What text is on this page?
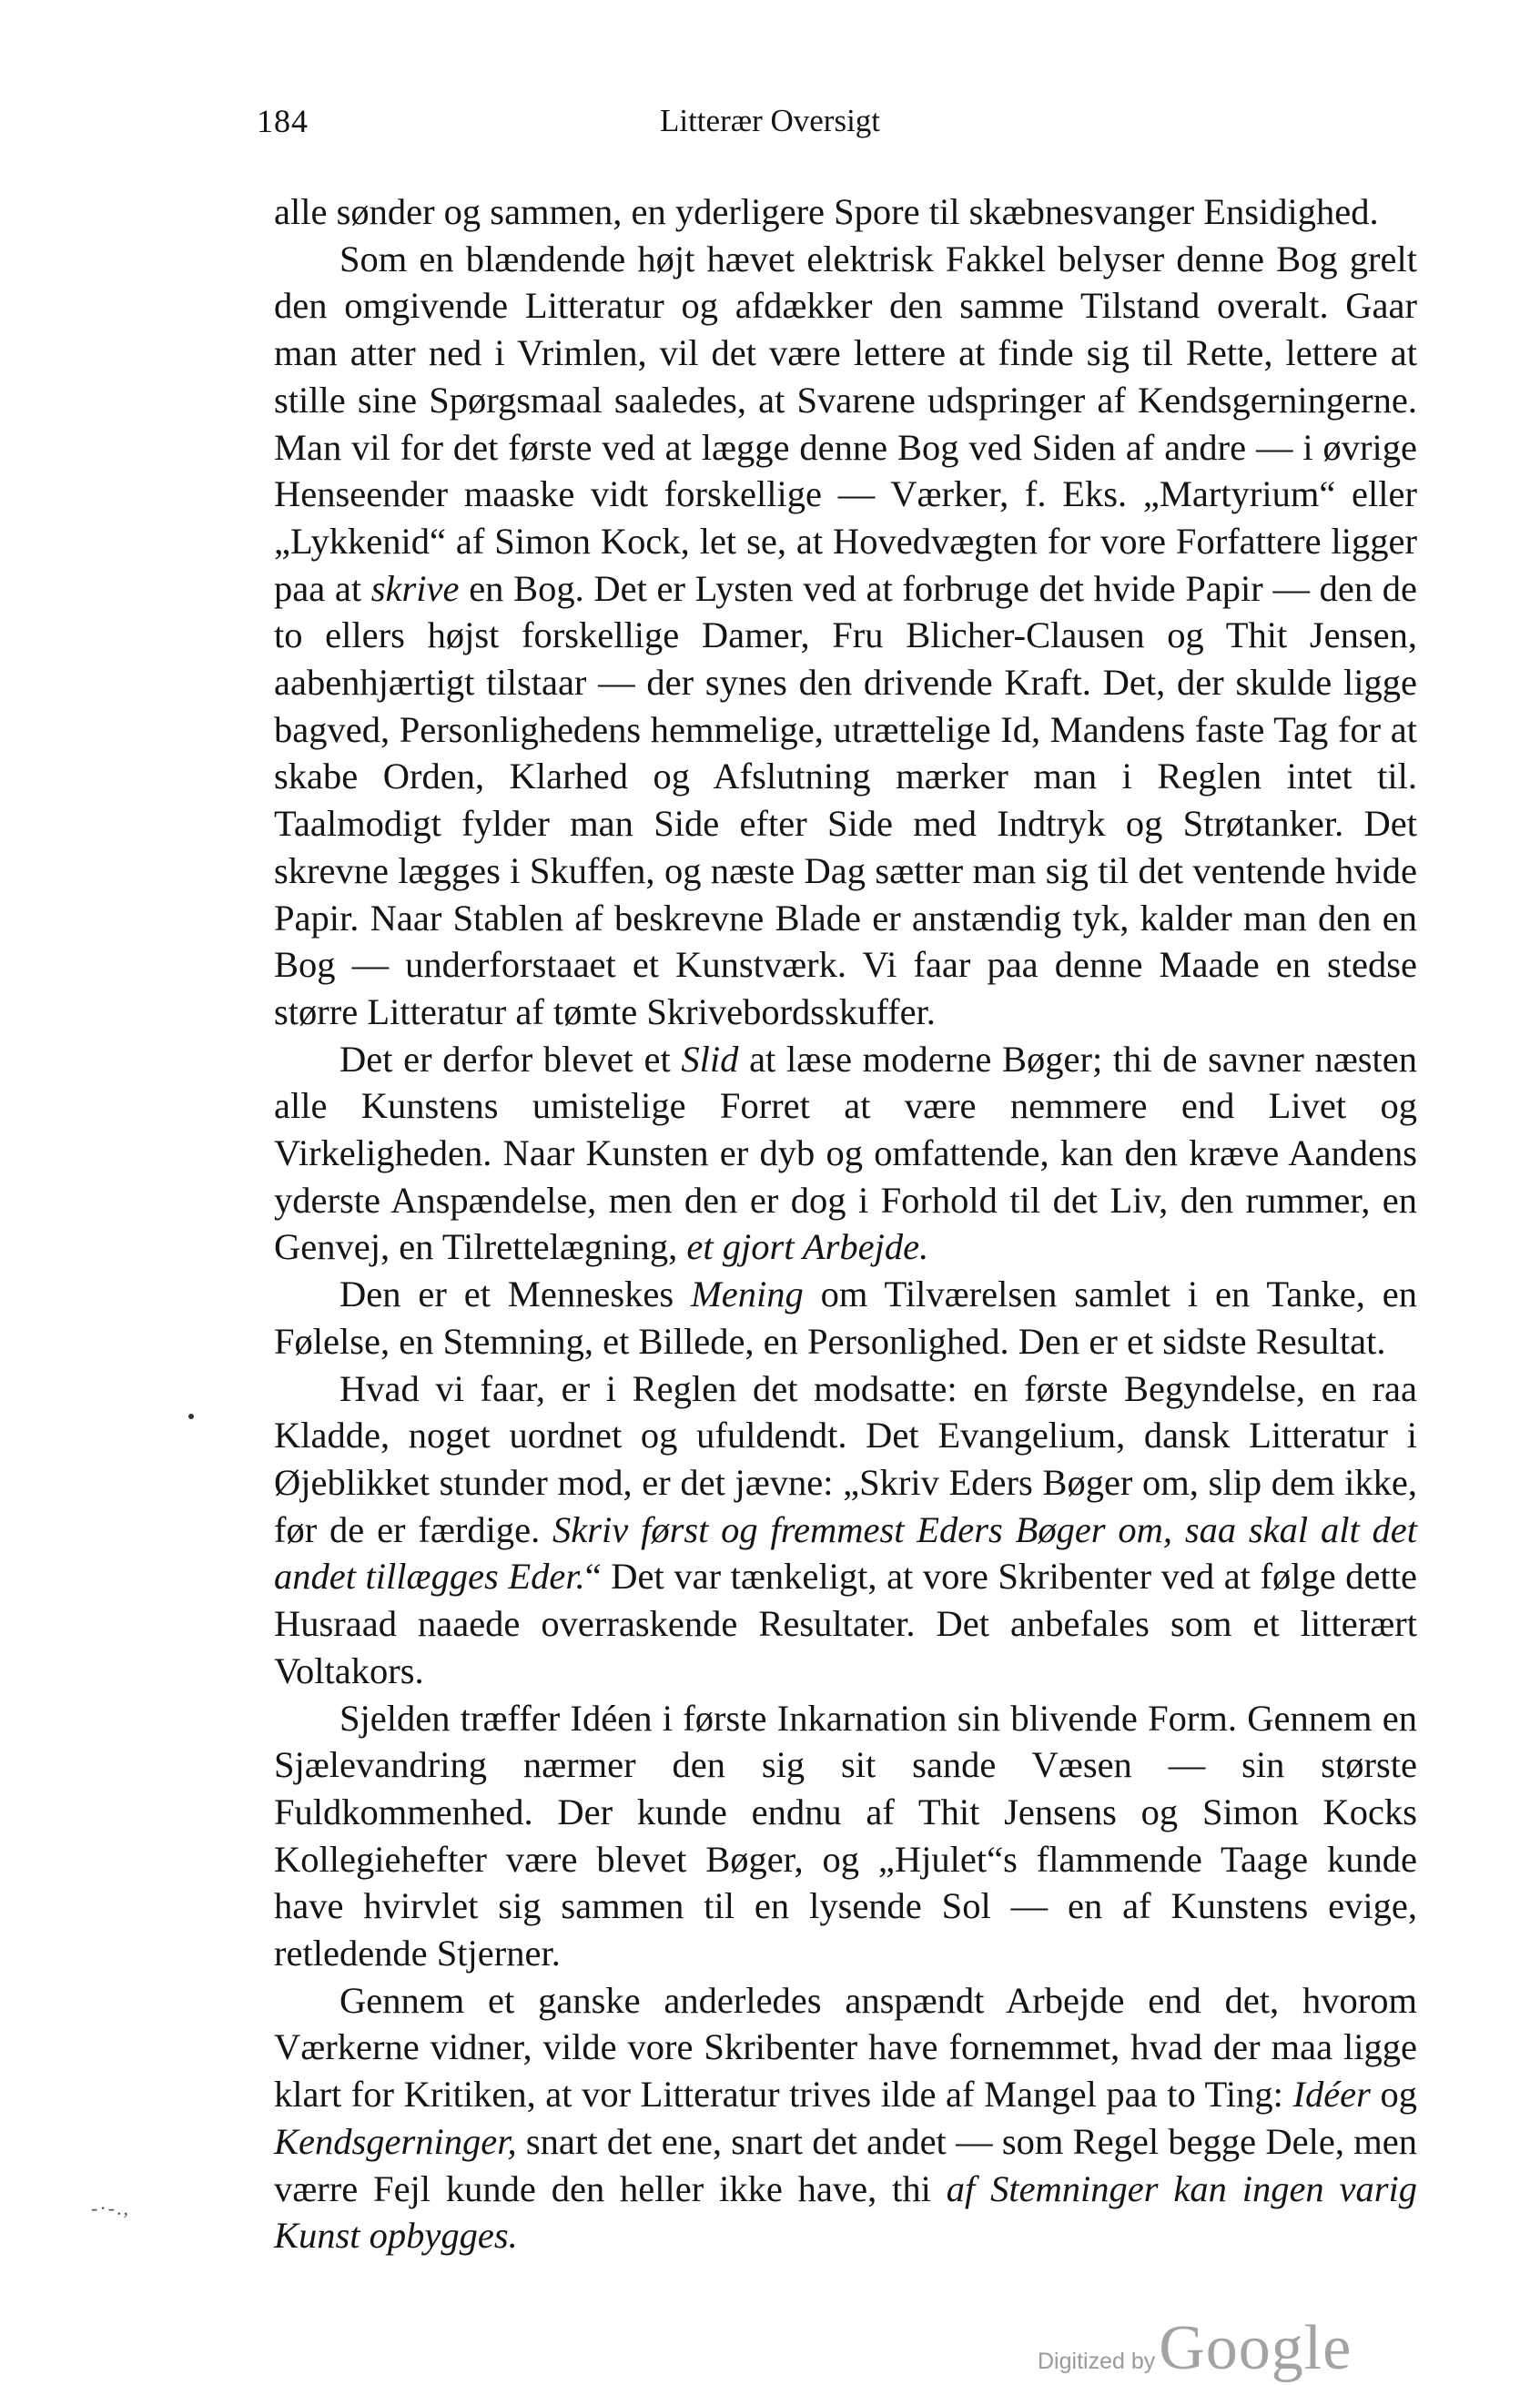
184	Litterær Oversigt

alle sønder og sammen, en yderligere Spore til skæbnesvanger Ensidighed.

Som en blændende højt hævet elektrisk Fakkel belyser denne Bog grelt den omgivende Litteratur og afdækker den samme Tilstand overalt. Gaar man atter ned i Vrimlen, vil det være lettere at finde sig til Rette, lettere at stille sine Spørgsmaal saaledes, at Svarene udspringer af Kendsgerningerne. Man vil for det første ved at lægge denne Bog ved Siden af andre — i øvrige Henseender maaske vidt forskellige — Værker, f. Eks. „Martyrium“ eller „Lykkenid“ af Simon Kock, let se, at Hovedvægten for vore Forfattere ligger paa at skrive en Bog. Det er Lysten ved at forbruge det hvide Papir — den de to ellers højst forskellige Damer, Fru Blicher-Clausen og Thit Jensen, aabenhjærtigt tilstaar — der synes den drivende Kraft. Det, der skulde ligge bagved, Personlighedens hemmelige, utrættelige Id, Mandens faste Tag for at skabe Orden, Klarhed og Afslutning mærker man i Reglen intet til. Taalmodigt fylder man Side efter Side med Indtryk og Strøtanker. Det skrevne lægges i Skuffen, og næste Dag sætter man sig til det ventende hvide Papir. Naar Stablen af beskrevne Blade er anstændig tyk, kalder man den en Bog — underforstaaet et Kunstværk. Vi faar paa denne Maade en stedse større Litteratur af tømte Skrivebordsskuffer.

Det er derfor blevet et Slid at læse moderne Bøger; thi de savner næsten alle Kunstens umistelige Forret at være nemmere end Livet og Virkeligheden. Naar Kunsten er dyb og omfattende, kan den kræve Aandens yderste Anspændelse, men den er dog i Forhold til det Liv, den rummer, en Genvej, en Tilrettelægning, et gjort Arbejde.

Den er et Menneskes Mening om Tilværelsen samlet i en Tanke, en Følelse, en Stemning, et Billede, en Personlighed. Den er et sidste Resultat.

Hvad vi faar, er i Reglen det modsatte: en første Begyndelse, en raa Kladde, noget uordnet og ufuldendt. Det Evangelium, dansk Litteratur i Øjeblikket stunder mod, er det jævne: „Skriv Eders Bøger om, slip dem ikke, før de er færdige. Skriv først og fremmest Eders Bøger om, saa skal alt det andet tillægges Eder.“ Det var tænkeligt, at vore Skribenter ved at følge dette Husraad naaede overraskende Resultater. Det anbefales som et litterært Voltakors.

Sjelden træffer Idéen i første Inkarnation sin blivende Form. Gennem en Sjælevandring nærmer den sig sit sande Væsen — sin største Fuldkommenhed. Der kunde endnu af Thit Jensens og Simon Kocks Kollegiehefter være blevet Bøger, og „Hjulet“s flammende Taage kunde have hvirvlet sig sammen til en lysende Sol — en af Kunstens evige, retledende Stjerner.

Gennem et ganske anderledes anspændt Arbejde end det, hvorom Værkerne vidner, vilde vore Skribenter have fornemmet, hvad der maa ligge klart for Kritiken, at vor Litteratur trives ilde af Mangel paa to Ting: Idéer og Kendsgerninger, snart det ene, snart det andet — som Regel begge Dele, men værre Fejl kunde den heller ikke have, thi af Stemninger kan ingen varig Kunst opbygges.

-·-.,
Digitized by Google
